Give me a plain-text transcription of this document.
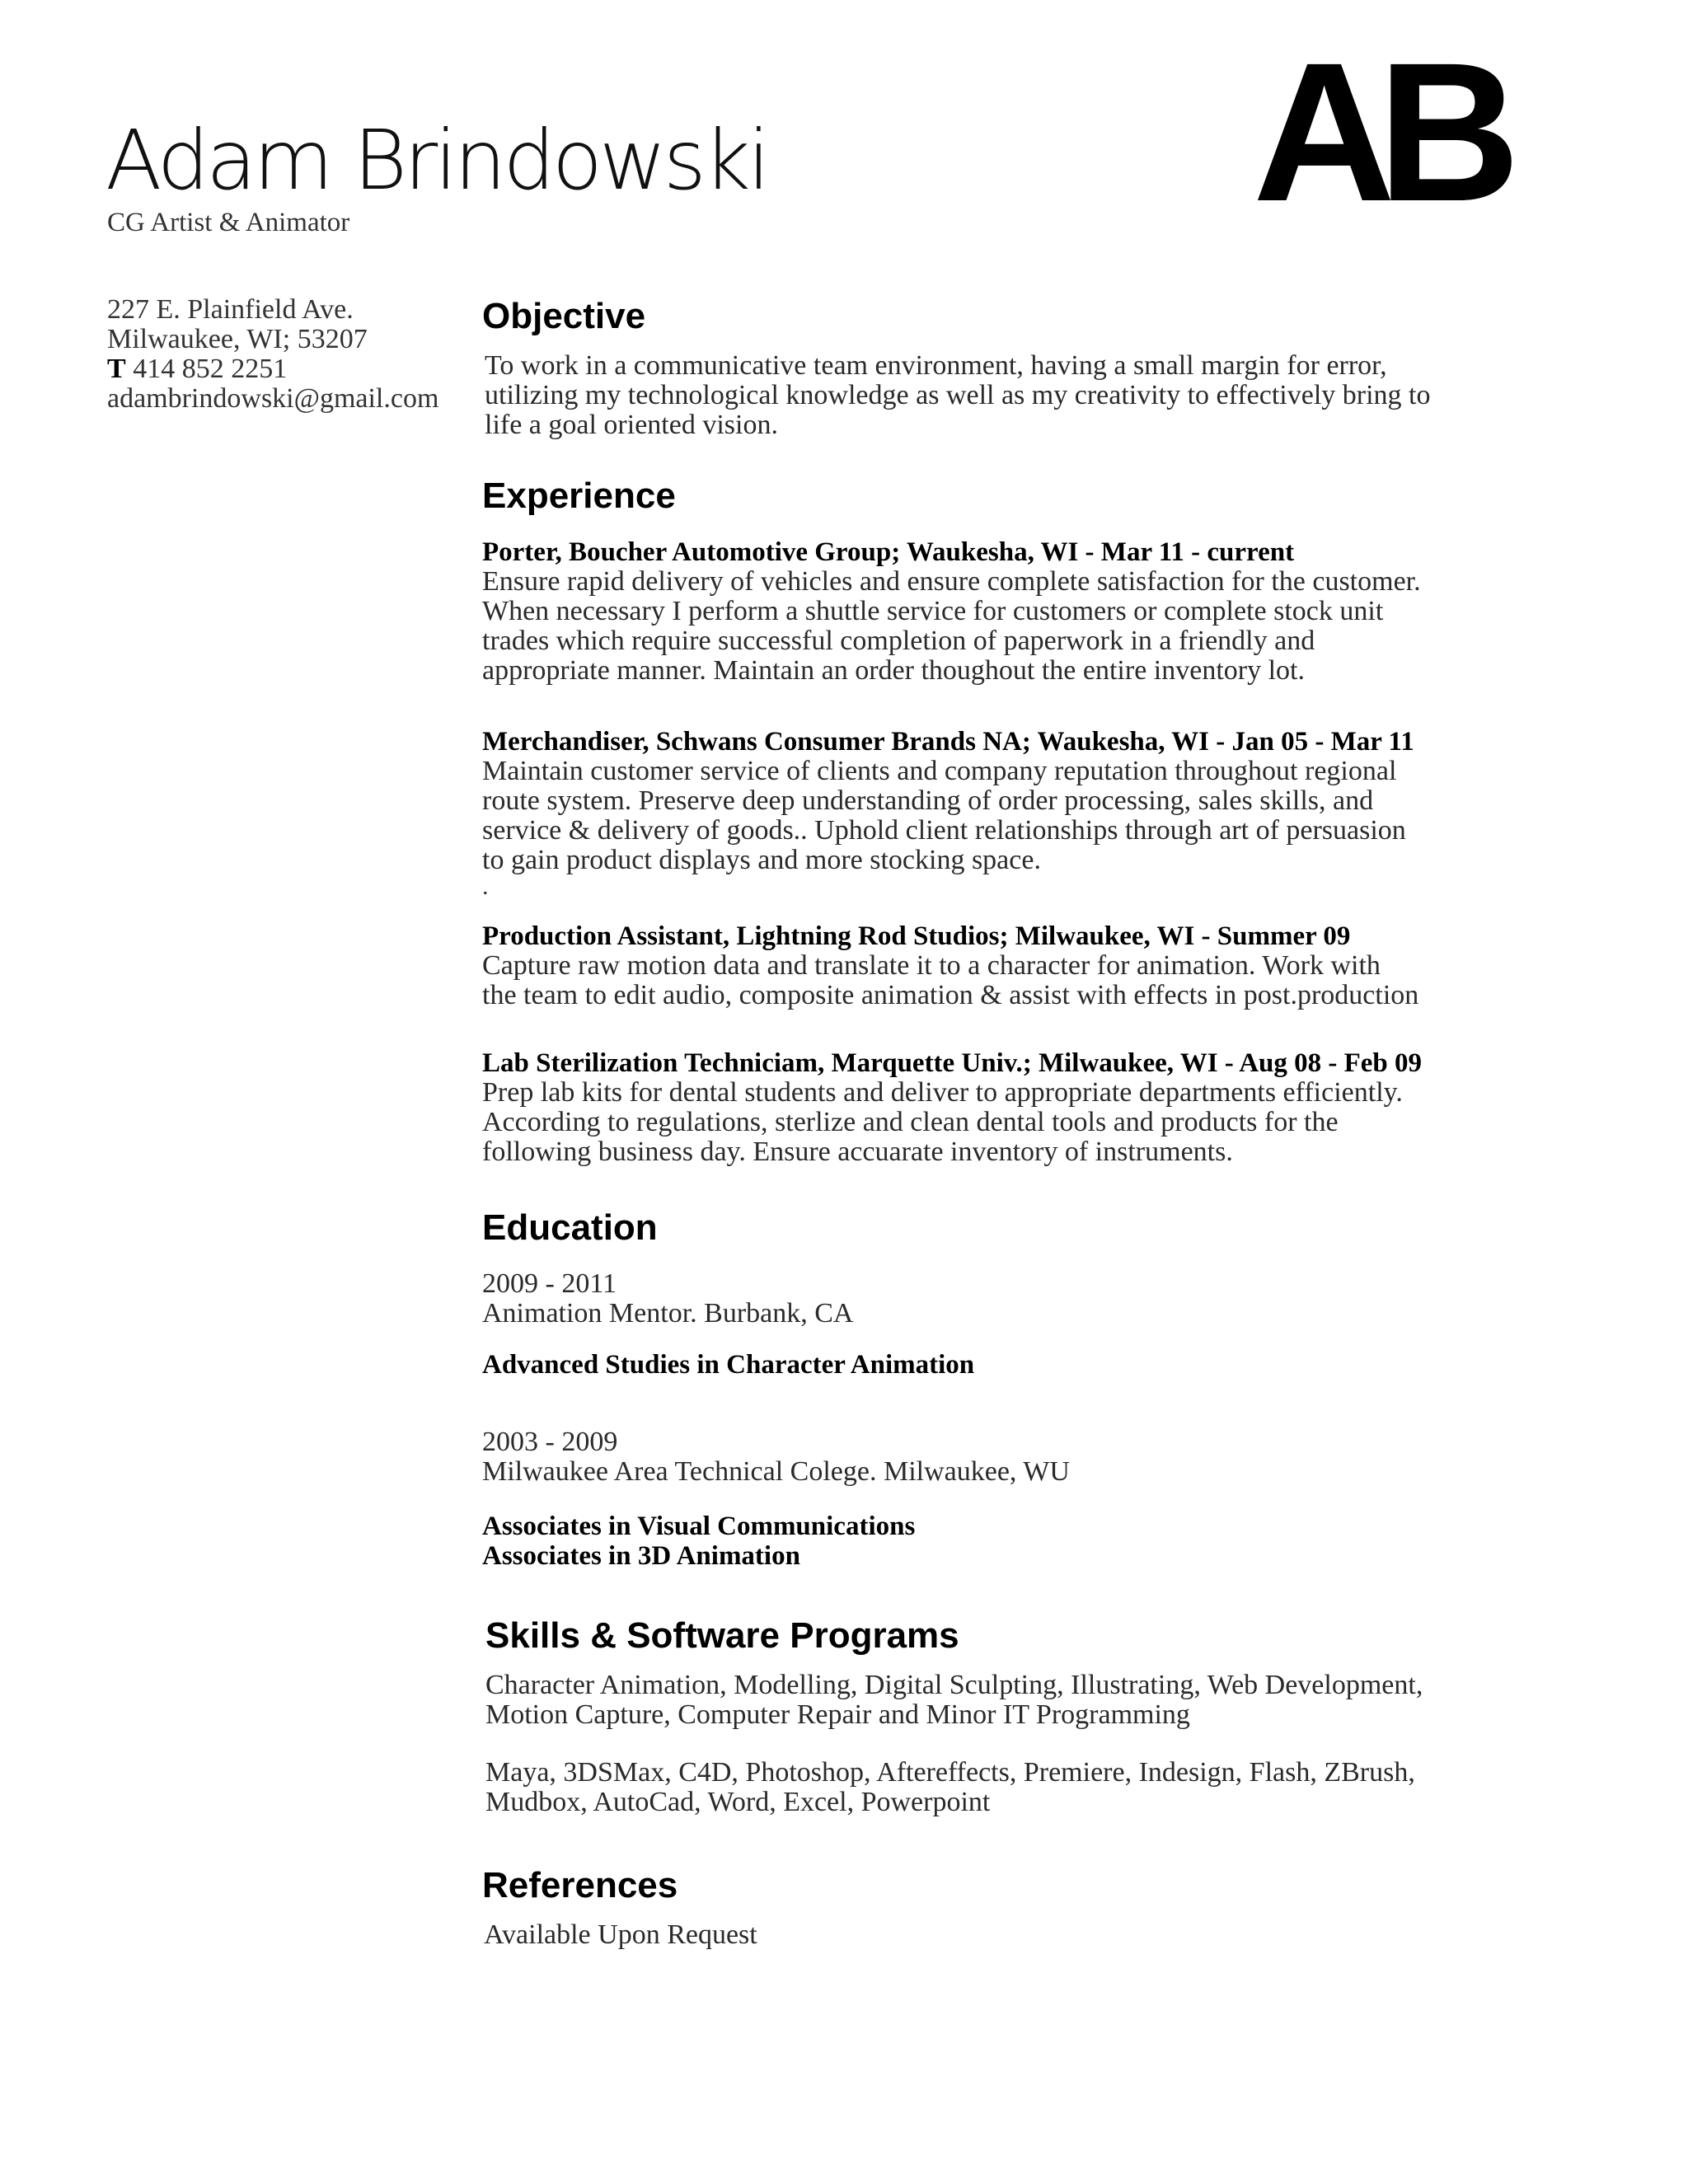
AB
Adam Brindowski
CG Artist & Animator
227 E. Plainfield Ave.
Milwaukee, WI; 53207
T 414 852 2251
adambrindowski@gmail.com
Objective

To work in a communicative team environment, having a small margin for error,

utilizing my technological knowledge as well as my creativity to effectively bring to

life a goal oriented vision.

Experience

Porter, Boucher Automotive Group; Waukesha, WI - Mar 11 - current

Ensure rapid delivery of vehicles and ensure complete satisfaction for the customer.

When necessary I perform a shuttle service for customers or complete stock unit

trades which require successful completion of paperwork in a friendly and

appropriate manner. Maintain an order thoughout the entire inventory lot.

Merchandiser, Schwans Consumer Brands NA; Waukesha, WI - Jan 05 - Mar 11

Maintain customer service of clients and company reputation throughout regional

route system. Preserve deep understanding of order processing, sales skills, and

service & delivery of goods.. Uphold client relationships through art of persuasion

to gain product displays and more stocking space.

.

Production Assistant, Lightning Rod Studios; Milwaukee, WI - Summer 09

Capture raw motion data and translate it to a character for animation. Work with

the team to edit audio, composite animation & assist with effects in post.production

Lab Sterilization Techniciam, Marquette Univ.; Milwaukee, WI - Aug 08 - Feb 09

Prep lab kits for dental students and deliver to appropriate departments efficiently.

According to regulations, sterlize and clean dental tools and products for the

following business day. Ensure accuarate inventory of instruments.

Education

2009 - 2011

Animation Mentor. Burbank, CA

Advanced Studies in Character Animation

2003 - 2009

Milwaukee Area Technical Colege. Milwaukee, WU

Associates in Visual Communications

Associates in 3D Animation

Skills & Software Programs

Character Animation, Modelling, Digital Sculpting, Illustrating, Web Development,

Motion Capture, Computer Repair and Minor IT Programming

Maya, 3DSMax, C4D, Photoshop, Aftereffects, Premiere, Indesign, Flash, ZBrush,

Mudbox, AutoCad, Word, Excel, Powerpoint

References

Available Upon Request
